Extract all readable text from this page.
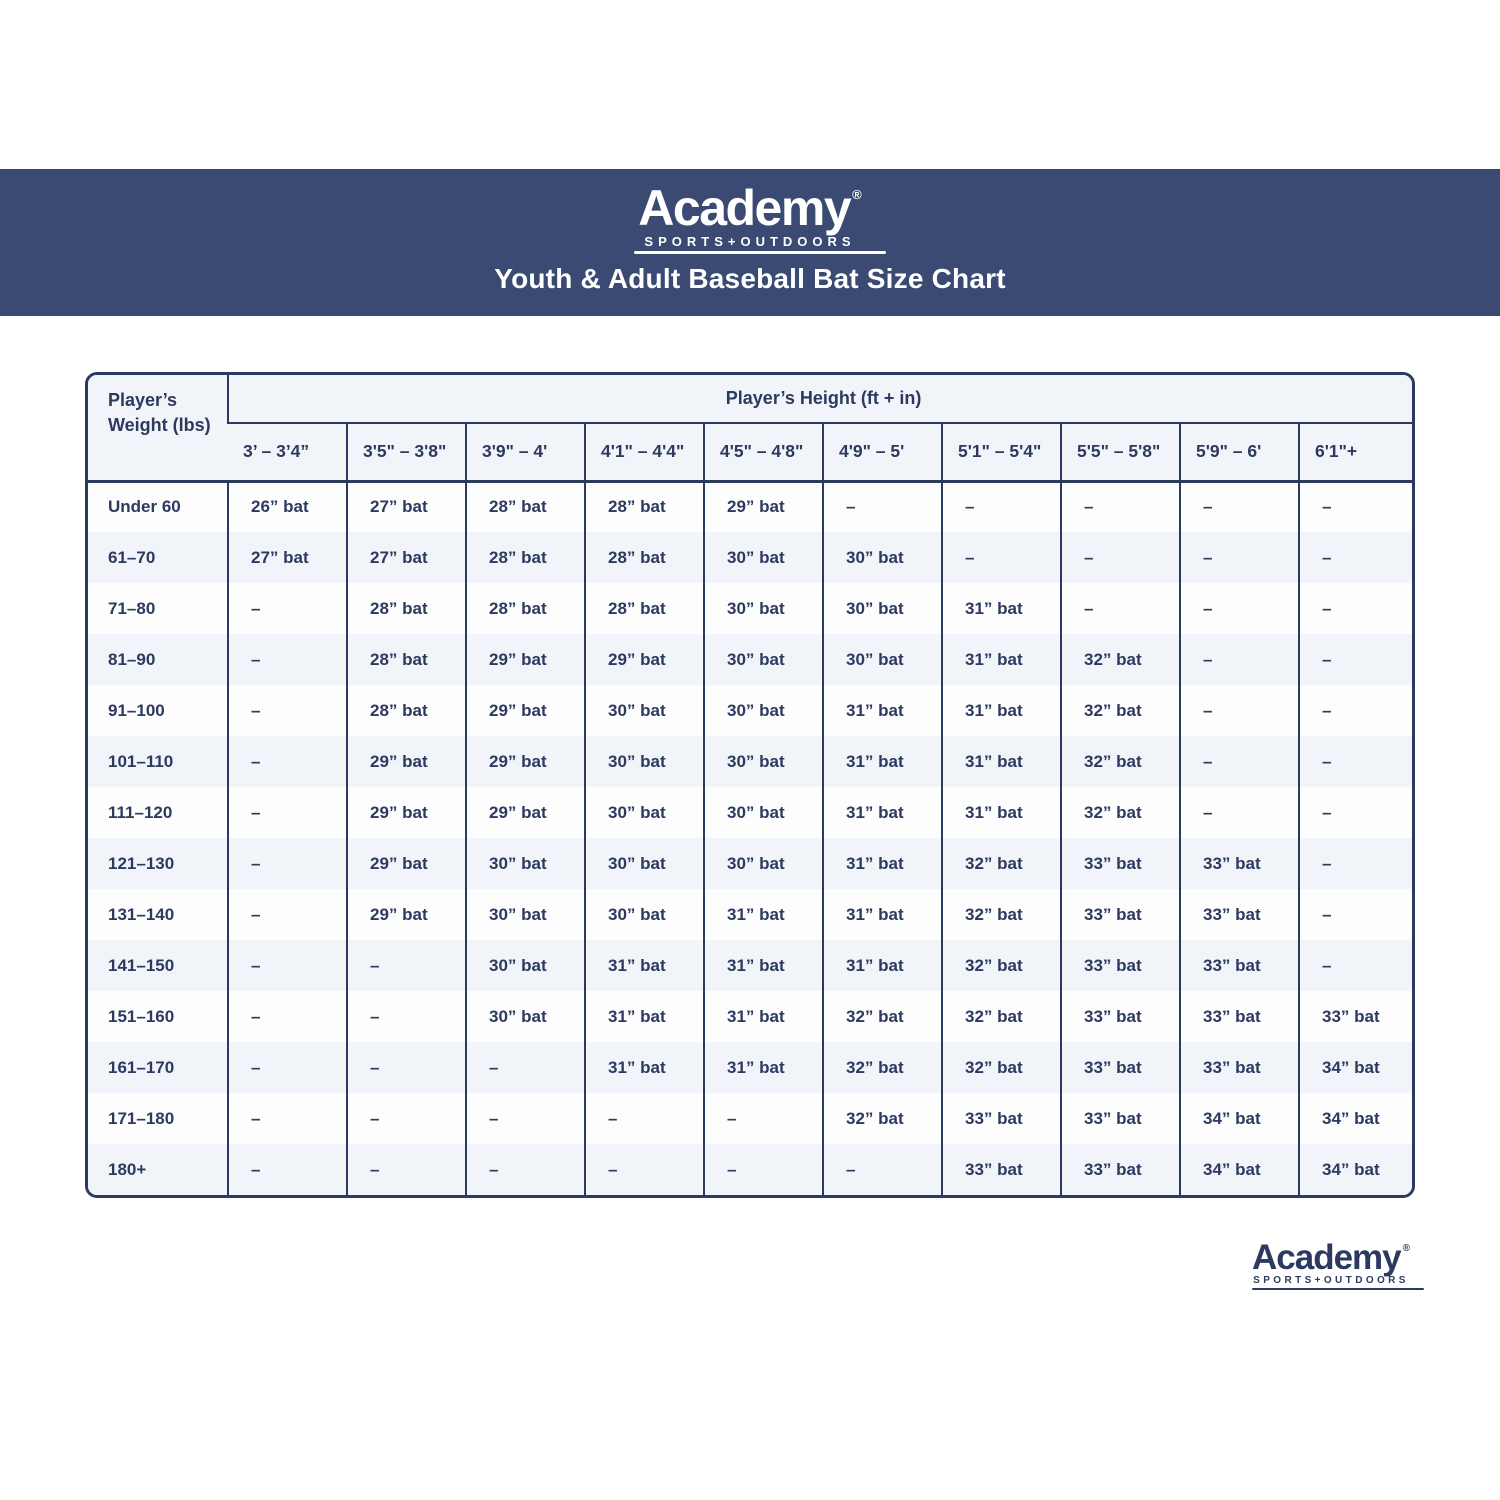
Academy ®
SPORTS+OUTDOORS
Youth & Adult Baseball Bat Size Chart
Player’s Weight (lbs)	Player’s Height (ft + in)									
	3’ – 3’4”	3'5" – 3'8"	3'9" – 4'	4'1" – 4'4"	4'5" – 4'8"	4'9" – 5'	5'1" – 5'4"	5'5" – 5'8"	5'9" – 6'	6'1"+
Under 60	26” bat	27” bat	28” bat	28” bat	29” bat	–	–	–	–	–
61–70	27” bat	27” bat	28” bat	28” bat	30” bat	30” bat	–	–	–	–
71–80	–	28” bat	28” bat	28” bat	30” bat	30” bat	31” bat	–	–	–
81–90	–	28” bat	29” bat	29” bat	30” bat	30” bat	31” bat	32” bat	–	–
91–100	–	28” bat	29” bat	30” bat	30” bat	31” bat	31” bat	32” bat	–	–
101–110	–	29” bat	29” bat	30” bat	30” bat	31” bat	31” bat	32” bat	–	–
111–120	–	29” bat	29” bat	30” bat	30” bat	31” bat	31” bat	32” bat	–	–
121–130	–	29” bat	30” bat	30” bat	30” bat	31” bat	32” bat	33” bat	33” bat	–
131–140	–	29” bat	30” bat	30” bat	31” bat	31” bat	32” bat	33” bat	33” bat	–
141–150	–	–	30” bat	31” bat	31” bat	31” bat	32” bat	33” bat	33” bat	–
151–160	–	–	30” bat	31” bat	31” bat	32” bat	32” bat	33” bat	33” bat	33” bat
161–170	–	–	–	31” bat	31” bat	32” bat	32” bat	33” bat	33” bat	34” bat
171–180	–	–	–	–	–	32” bat	33” bat	33” bat	34” bat	34” bat
180+	–	–	–	–	–	–	33” bat	33” bat	34” bat	34” bat
Academy ®
SPORTS+OUTDOORS
